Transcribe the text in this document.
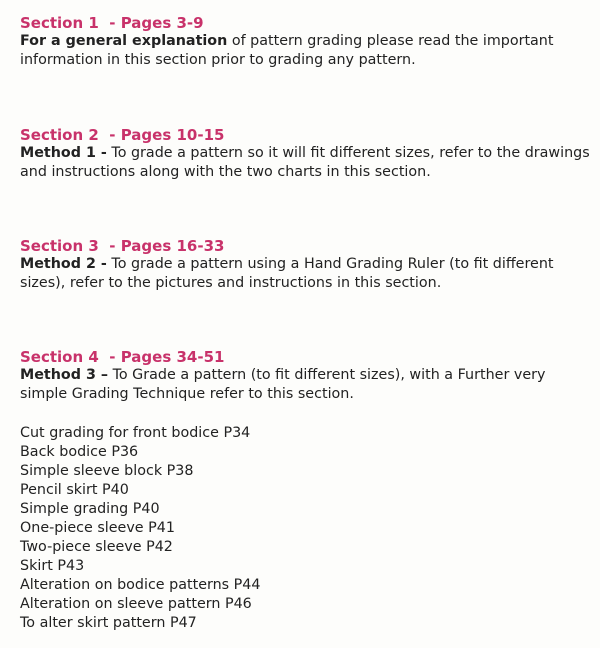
Section 1  - Pages 3-9
For a general explanation of pattern grading please read the important information in this section prior to grading any pattern.
Section 2  - Pages 10-15
Method 1 - To grade a pattern so it will fit different sizes, refer to the drawings and instructions along with the two charts in this section.
Section 3  - Pages 16-33
Method 2 - To grade a pattern using a Hand Grading Ruler (to fit different sizes), refer to the pictures and instructions in this section.
Section 4  - Pages 34-51
Method 3 – To Grade a pattern (to fit different sizes), with a Further very simple Grading Technique refer to this section.
Cut grading for front bodice P34
Back bodice P36
Simple sleeve block P38
Pencil skirt P40
Simple grading P40
One-piece sleeve P41
Two-piece sleeve P42
Skirt P43
Alteration on bodice patterns P44
Alteration on sleeve pattern P46
To alter skirt pattern P47
